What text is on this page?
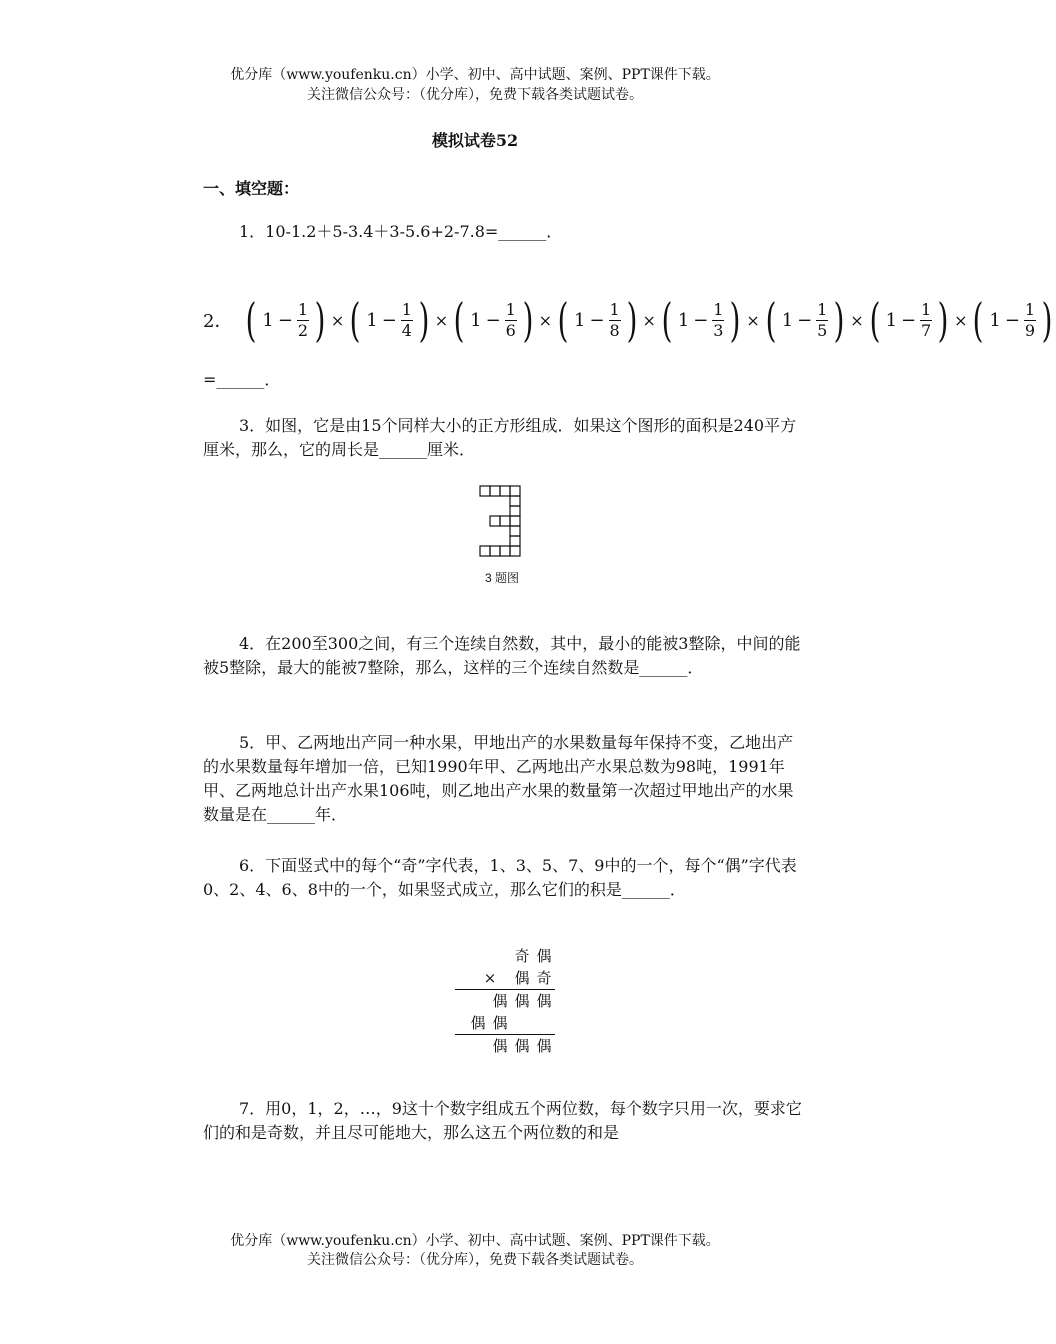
优分库（www.youfenku.cn）小学、初中、高中试题、案例、PPT课件下载。
关注微信公众号：（优分库），免费下载各类试题试卷。
模拟试卷52
一、填空题：
1．10-1.2＋5-3.4＋3-5.6+2-7.8=______．
2． ( $1 - \frac{1}{2}$ ) × ( $1 - \frac{1}{4}$ ) × ( $1 - \frac{1}{6}$ ) × ( $1 - \frac{1}{8}$ ) × ( $1 - \frac{1}{3}$ ) × ( $1 - \frac{1}{5}$ ) × ( $1 - \frac{1}{7}$ ) × ( $1 - \frac{1}{9}$ )
=______．
3．如图，它是由15个同样大小的正方形组成．如果这个图形的面积是240平方厘米，那么，它的周长是______厘米．
3 题图
4．在200至300之间，有三个连续自然数，其中，最小的能被3整除，中间的能被5整除，最大的能被7整除，那么，这样的三个连续自然数是______．
5．甲、乙两地出产同一种水果，甲地出产的水果数量每年保持不变，乙地出产的水果数量每年增加一倍，已知1990年甲、乙两地出产水果总数为98吨，1991年甲、乙两地总计出产水果106吨，则乙地出产水果的数量第一次超过甲地出产的水果数量是在______年．
6．下面竖式中的每个“奇”字代表，1、3、5、7、9中的一个，每个“偶”字代表0、2、4、6、8中的一个，如果竖式成立，那么它们的积是______．
奇 偶
×	偶 奇
偶 偶 偶
偶 偶
偶 偶 偶
7．用0，1，2，…，9这十个数字组成五个两位数，每个数字只用一次，要求它们的和是奇数，并且尽可能地大，那么这五个两位数的和是
优分库（www.youfenku.cn）小学、初中、高中试题、案例、PPT课件下载。
关注微信公众号：（优分库），免费下载各类试题试卷。
